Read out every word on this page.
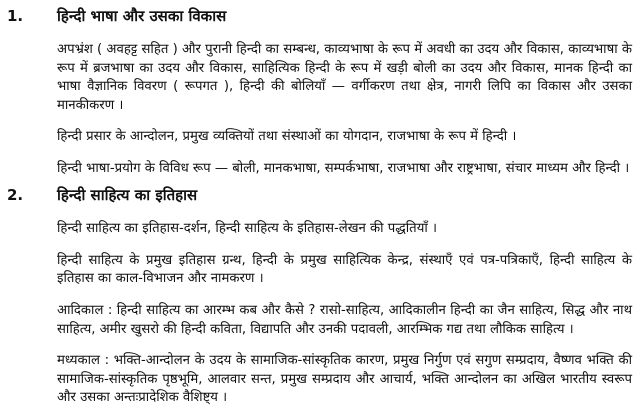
1. हिन्दी भाषा और उसका विकास

अपभ्रंश ( अवहट्ट सहित ) और पुरानी हिन्दी का सम्बन्ध, काव्यभाषा के रूप में अवधी का उदय और विकास, काव्यभाषा के रूप में ब्रजभाषा का उदय और विकास, साहित्यिक हिन्दी के रूप में खड़ी बोली का उदय और विकास, मानक हिन्दी का भाषा वैज्ञानिक विवरण ( रूपगत ), हिन्दी की बोलियाँ — वर्गीकरण तथा क्षेत्र, नागरी लिपि का विकास और उसका मानकीकरण ।

हिन्दी प्रसार के आन्दोलन, प्रमुख व्यक्तियों तथा संस्थाओं का योगदान, राजभाषा के रूप में हिन्दी ।

हिन्दी भाषा-प्रयोग के विविध रूप — बोली, मानकभाषा, सम्पर्कभाषा, राजभाषा और राष्ट्रभाषा, संचार माध्यम और हिन्दी ।

2. हिन्दी साहित्य का इतिहास

हिन्दी साहित्य का इतिहास-दर्शन, हिन्दी साहित्य के इतिहास-लेखन की पद्धतियाँ ।

हिन्दी साहित्य के प्रमुख इतिहास ग्रन्थ, हिन्दी के प्रमुख साहित्यिक केन्द्र, संस्थाएँ एवं पत्र-पत्रिकाएँ, हिन्दी साहित्य के इतिहास का काल-विभाजन और नामकरण ।

आदिकाल : हिन्दी साहित्य का आरम्भ कब और कैसे ? रासो-साहित्य, आदिकालीन हिन्दी का जैन साहित्य, सिद्ध और नाथ साहित्य, अमीर खुसरो की हिन्दी कविता, विद्यापति और उनकी पदावली, आरम्भिक गद्य तथा लौकिक साहित्य ।

मध्यकाल : भक्ति-आन्दोलन के उदय के सामाजिक-सांस्कृतिक कारण, प्रमुख निर्गुण एवं सगुण सम्प्रदाय, वैष्णव भक्ति की सामाजिक-सांस्कृतिक पृष्ठभूमि, आलवार सन्त, प्रमुख सम्प्रदाय और आचार्य, भक्ति आन्दोलन का अखिल भारतीय स्वरूप और उसका अन्तःप्रादेशिक वैशिष्ट्य ।
